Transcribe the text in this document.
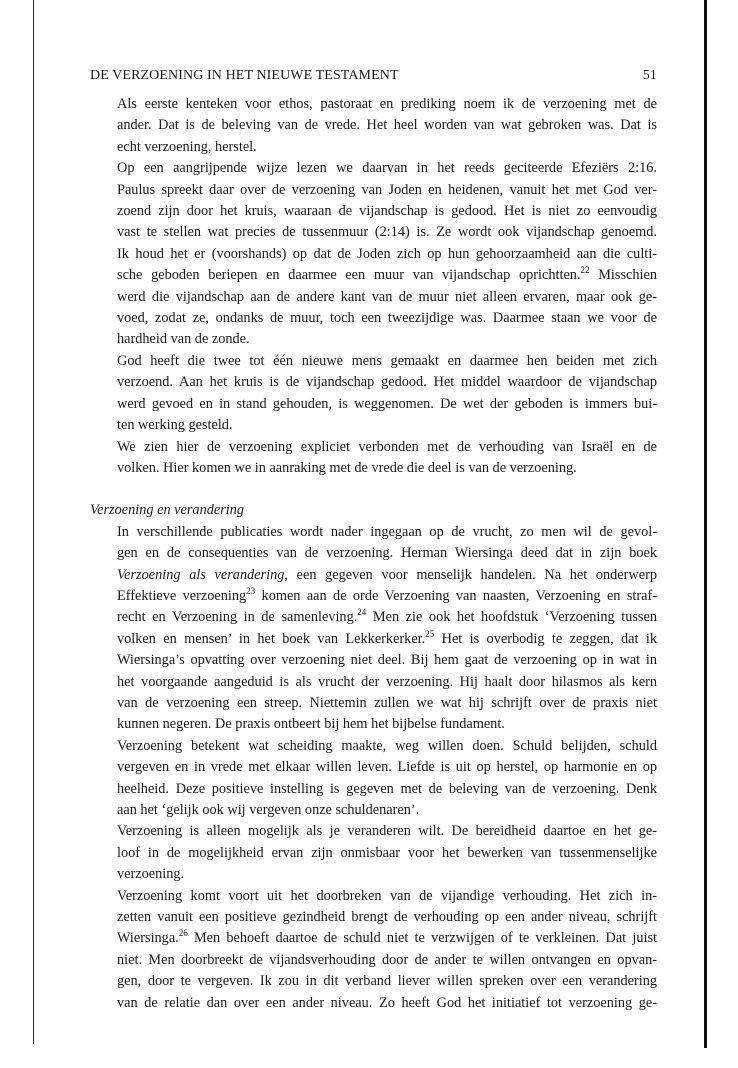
DE VERZOENING IN HET NIEUWE TESTAMENT	51

Als eerste kenteken voor ethos, pastoraat en prediking noem ik de verzoening met de
ander. Dat is de beleving van de vrede. Het heel worden van wat gebroken was. Dat is
echt verzoening, herstel.

Op een aangrijpende wijze lezen we daarvan in het reeds geciteerde Efeziërs 2:16.
Paulus spreekt daar over de verzoening van Joden en heidenen, vanuit het met God ver-
zoend zijn door het kruis, waaraan de vijandschap is gedood. Het is niet zo eenvoudig
vast te stellen wat precies de tussenmuur (2:14) is. Ze wordt ook vijandschap genoemd.
Ik houd het er (voorshands) op dat de Joden zich op hun gehoorzaamheid aan die culti-
sche geboden beriepen en daarmee een muur van vijandschap oprichtten.$^{22}$ Misschien
werd die vijandschap aan de andere kant van de muur niet alleen ervaren, maar ook ge-
voed, zodat ze, ondanks de muur, toch een tweezijdige was. Daarmee staan we voor de
hardheid van de zonde.

God heeft die twee tot één nieuwe mens gemaakt en daarmee hen beiden met zich
verzoend. Aan het kruis is de vijandschap gedood. Het middel waardoor de vijandschap
werd gevoed en in stand gehouden, is weggenomen. De wet der geboden is immers bui-
ten werking gesteld.

We zien hier de verzoening expliciet verbonden met de verhouding van Israël en de
volken. Hier komen we in aanraking met de vrede die deel is van de verzoening.

Verzoening en verandering

In verschillende publicaties wordt nader ingegaan op de vrucht, zo men wil de gevol-
gen en de consequenties van de verzoening. Herman Wiersinga deed dat in zijn boek
Verzoening als verandering, een gegeven voor menselijk handelen. Na het onderwerp
Effektieve verzoening$^{23}$ komen aan de orde Verzoening van naasten, Verzoening en straf-
recht en Verzoening in de samenleving.$^{24}$ Men zie ook het hoofdstuk ‘Verzoening tussen
volken en mensen’ in het boek van Lekkerkerker.$^{25}$ Het is overbodig te zeggen, dat ik
Wiersinga’s opvatting over verzoening niet deel. Bij hem gaat de verzoening op in wat in
het voorgaande aangeduid is als vrucht der verzoening. Hij haalt door hilasmos als kern
van de verzoening een streep. Niettemin zullen we wat hij schrijft over de praxis niet
kunnen negeren. De praxis ontbeert bij hem het bijbelse fundament.

Verzoening betekent wat scheiding maakte, weg willen doen. Schuld belijden, schuld
vergeven en in vrede met elkaar willen leven. Liefde is uit op herstel, op harmonie en op
heelheid. Deze positieve instelling is gegeven met de beleving van de verzoening. Denk
aan het ‘gelijk ook wij vergeven onze schuldenaren’.

Verzoening is alleen mogelijk als je veranderen wilt. De bereidheid daartoe en het ge-
loof in de mogelijkheid ervan zijn onmisbaar voor het bewerken van tussenmenselijke
verzoening.

Verzoening komt voort uit het doorbreken van de vijandige verhouding. Het zich in-
zetten vanuit een positieve gezindheid brengt de verhouding op een ander niveau, schrijft
Wiersinga.$^{26}$ Men behoeft daartoe de schuld niet te verzwijgen of te verkleinen. Dat juist
niet. Men doorbreekt de vijandsverhouding door de ander te willen ontvangen en opvan-
gen, door te vergeven. Ik zou in dit verband liever willen spreken over een verandering
van de relatie dan over een ander niveau. Zo heeft God het initiatief tot verzoening ge-
